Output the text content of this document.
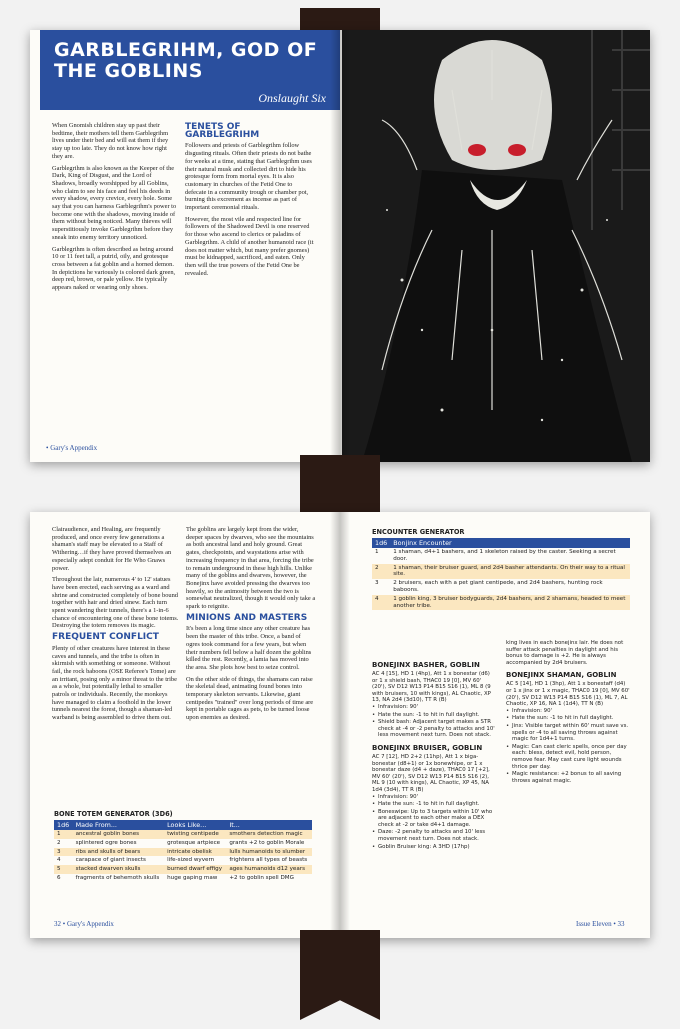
GARBLEGRIHM, GOD OF THE GOBLINS
Onslaught Six

When Gnomish children stay up past their bedtime, their mothers tell them Garblegrihm lives under their bed and will eat them if they stay up too late. They do not know how right they are.

Garblegrihm is also known as the Keeper of the Dark, King of Disgust, and the Lord of Shadows, broadly worshipped by all Goblins, who claim to see his face and feel his deeds in every shadow, every crevice, every hole. Some say that you can harness Garblegrihm's power to become one with the shadows, moving inside of them without being noticed. Many thieves will superstitiously invoke Garblegrihm before they sneak into enemy territory unnoticed.

Garblegrihm is often described as being around 10 or 11 feet tall, a putrid, oily, and grotesque cross between a fat goblin and a horned demon. In depictions he variously is colored dark green, deep red, brown, or pale yellow. He typically appears naked or wearing only shoes.

TENETS OF GARBLEGRIHM

Followers and priests of Garblegrihm follow disgusting rituals. Often their priests do not bathe for weeks at a time, stating that Garblegrihm uses their natural musk and collected dirt to hide his grotesque form from mortal eyes. It is also customary in churches of the Fetid One to defecate in a community trough or chamber pot, burning this excrement as incense as part of important ceremonial rituals.

However, the most vile and respected line for followers of the Shadowed Devil is one reserved for those who ascend to clerics or paladins of Garblegrihm. A child of another humanoid race (it does not matter which, but many prefer gnomes) must be kidnapped, sacrificed, and eaten. Only then will the true powers of the Fetid One be revealed.

• Gary's Appendix

Clairaudience, and Healing, are frequently produced, and once every few generations a shaman's staff may be elevated to a Staff of Withering…if they have proved themselves an especially adept conduit for He Who Gnaws power.

Throughout the lair, numerous 4' to 12' statues have been erected, each serving as a ward and shrine and constructed completely of bone bound together with hair and dried sinew. Each turn spent wandering their tunnels, there's a 1-in-6 chance of encountering one of these bone totems. Destroying the totem removes its magic.

FREQUENT CONFLICT

Plenty of other creatures have interest in these caves and tunnels, and the tribe is often in skirmish with something or someone. Without fail, the rock baboons (OSE Referee's Tome) are an irritant, posing only a minor threat to the tribe as a whole, but potentially lethal to smaller patrols or individuals. Recently, the monkeys have managed to claim a foothold in the lower tunnels nearest the forest, though a shaman-led warband is being assembled to drive them out.

The goblins are largely kept from the wider, deeper spaces by dwarves, who see the mountains as both ancestral land and holy ground. Great gates, checkpoints, and waystations arise with increasing frequency in that area, forcing the tribe to remain underground in these high hills. Unlike many of the goblins and dwarves, however, the Bonejinx have avoided pressing the dwarves too heavily, so the animosity between the two is somewhat neutralized, though it would only take a spark to reignite.

MINIONS AND MASTERS

It's been a long time since any other creature has been the master of this tribe. Once, a band of ogres took command for a few years, but when their numbers fell below a half dozen the goblins killed the rest. Recently, a lamia has moved into the area. She plots how best to seize control.

On the other side of things, the shamans can raise the skeletal dead, animating found bones into temporary skeleton servants. Likewise, giant centipedes "trained" over long periods of time are kept in portable cages as pets, to be turned loose upon enemies as desired.

BONE TOTEM GENERATOR (3D6)
1d6	Made From...	Looks Like...	It...
1	ancestral goblin bones	twisting centipede	smothers detection magic
2	splintered ogre bones	grotesque artpiece	grants +2 to goblin Morale
3	ribs and skulls of bears	intricate obelisk	lulls humanoids to slumber
4	carapace of giant insects	life-sized wyvern	frightens all types of beasts
5	stacked dwarven skulls	burned dwarf effigy	ages humanoids d12 years
6	fragments of behemoth skulls	huge gaping maw	+2 to goblin spell DMG
32 • Gary's Appendix
ENCOUNTER GENERATOR
1d6	Bonjinx Encounter
1	1 shaman, d4+1 bashers, and 1 skeleton raised by the caster. Seeking a secret door.
2	1 shaman, their bruiser guard, and 2d4 basher attendants. On their way to a ritual site.
3	2 bruisers, each with a pet giant centipede, and 2d4 bashers, hunting rock baboons.
4	1 goblin king, 3 bruiser bodyguards, 2d4 bashers, and 2 shamans, headed to meet another tribe.
BONEJINX BASHER, GOBLIN
AC 4 [15], HD 1 (4hp), Att 1 x bonestar (d6) or 1 x shield bash, THAC0 19 [0], MV 60' (20'), SV D12 W13 P14 B15 S16 (1), ML 8 (9 with bruisers, 10 with kings), AL Chaotic, XP 13, NA 2d4 (3d10), TT R (B)
• Infravision: 90'
• Hate the sun: -1 to hit in full daylight.
• Shield bash: Adjacent target makes a STR check at -4 or -2 penalty to attacks and 10' less movement next turn. Does not stack.
BONEJINX BRUISER, GOBLIN
AC 7 [12], HD 2+2 (11hp), Att 1 x biga-bonestar (d8+1) or 1x bonewhipe, or 1 x bonestar daze (d4 + daze), THAC0 17 [+2], MV 60' (20'), SV D12 W13 P14 B15 S16 (2), ML 9 (10 with kings), AL Chaotic, XP 45, NA 1d4 (3d4), TT R (B)
• Infravision: 90'
• Hate the sun: -1 to hit in full daylight.
• Boneswipe: Up to 3 targets within 10' who are adjacent to each other make a DEX check at -2 or take d4+1 damage.
• Daze: -2 penalty to attacks and 10' less movement next turn. Does not stack.
• Goblin Bruiser king: A 3HD (17hp)
king lives in each bonejinx lair. He does not suffer attack penalties in daylight and his bonus to damage is +2. He is always accompanied by 2d4 bruisers.
BONEJINX SHAMAN, GOBLIN
AC 5 [14], HD 1 (3hp), Att 1 x bonestaff (d4) or 1 x jinx or 1 x magic, THAC0 19 [0], MV 60' (20'), SV D12 W13 P14 B15 S16 (1), ML 7, AL Chaotic, XP 16, NA 1 (1d4), TT N (B)
• Infravision: 90'
• Hate the sun: -1 to hit in full daylight.
• Jinx: Visible target within 60' must save vs. spells or -4 to all saving throws against magic for 1d4+1 turns.
• Magic: Can cast cleric spells, once per day each: bless, detect evil, hold person, remove fear. May cast cure light wounds thrice per day.
• Magic resistance: +2 bonus to all saving throws against magic.
Issue Eleven • 33
